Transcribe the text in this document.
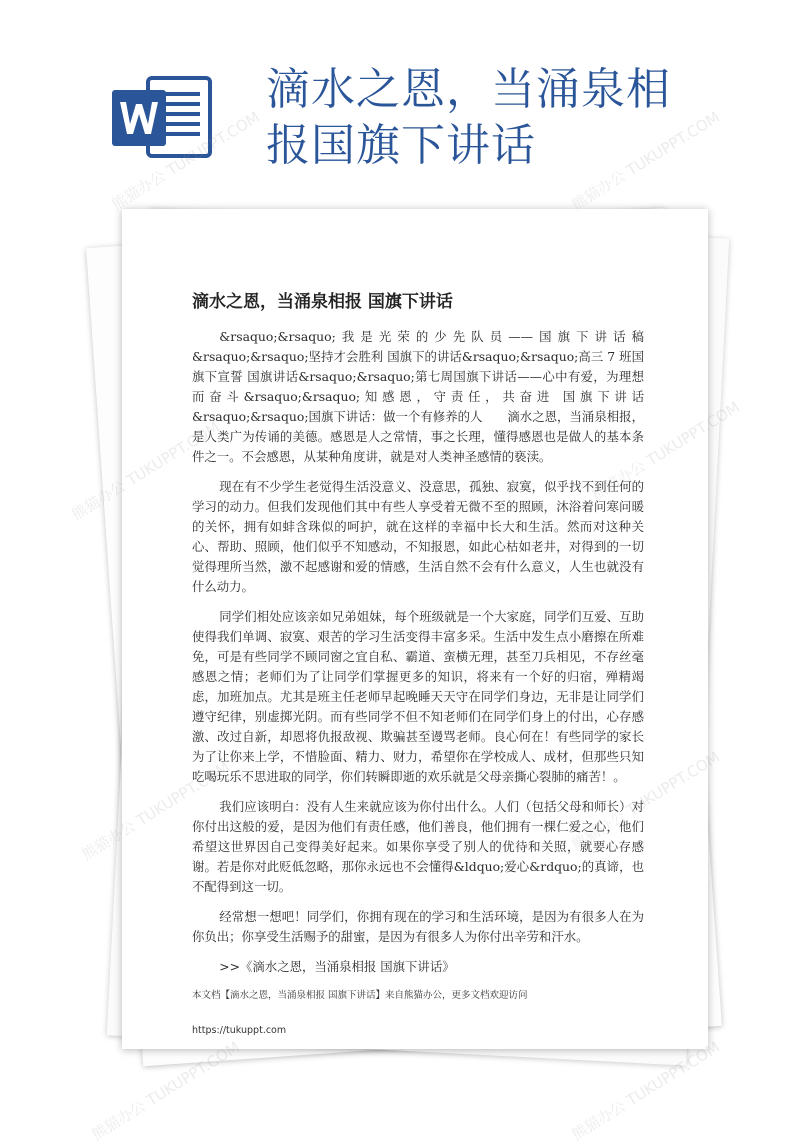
滴水之恩，当涌泉相报国旗下讲话
滴水之恩，当涌泉相报 国旗下讲话

&rsaquo;&rsaquo;我是光荣的少先队员——国旗下讲话稿&rsaquo;&rsaquo;坚持才会胜利 国旗下的讲话&rsaquo;&rsaquo;高三 7 班国旗下宣誓 国旗讲话&rsaquo;&rsaquo;第七周国旗下讲话——心中有爱，为理想而奋斗&rsaquo;&rsaquo;知感恩，守责任，共奋进 国旗下讲话&rsaquo;&rsaquo;国旗下讲话：做一个有修养的人　　滴水之恩，当涌泉相报，是人类广为传诵的美德。感恩是人之常情，事之长理，懂得感恩也是做人的基本条件之一。不会感恩，从某种角度讲，就是对人类神圣感情的亵渎。

现在有不少学生老觉得生活没意义、没意思，孤独、寂寞，似乎找不到任何的学习的动力。但我们发现他们其中有些人享受着无微不至的照顾，沐浴着问寒问暖的关怀，拥有如蚌含珠似的呵护，就在这样的幸福中长大和生活。然而对这种关心、帮助、照顾，他们似乎不知感动，不知报恩，如此心枯如老井，对得到的一切觉得理所当然，激不起感谢和爱的情感，生活自然不会有什么意义，人生也就没有什么动力。

同学们相处应该亲如兄弟姐妹，每个班级就是一个大家庭，同学们互爱、互助使得我们单调、寂寞、艰苦的学习生活变得丰富多采。生活中发生点小磨擦在所难免，可是有些同学不顾同窗之宜自私、霸道、蛮横无理，甚至刀兵相见，不存丝毫感恩之情；老师们为了让同学们掌握更多的知识，将来有一个好的归宿，殚精竭虑，加班加点。尤其是班主任老师早起晚睡天天守在同学们身边，无非是让同学们遵守纪律，别虚掷光阴。而有些同学不但不知老师们在同学们身上的付出，心存感激、改过自新，却恩将仇报敌视、欺骗甚至谩骂老师。良心何在！有些同学的家长为了让你来上学，不惜脸面、精力、财力，希望你在学校成人、成材，但那些只知吃喝玩乐不思进取的同学，你们转瞬即逝的欢乐就是父母亲撕心裂肺的痛苦！。

我们应该明白：没有人生来就应该为你付出什么。人们（包括父母和师长）对你付出这般的爱，是因为他们有责任感，他们善良，他们拥有一棵仁爱之心，他们希望这世界因自己变得美好起来。如果你享受了别人的优待和关照，就要心存感谢。若是你对此贬低忽略，那你永远也不会懂得&ldquo;爱心&rdquo;的真谛，也不配得到这一切。

经常想一想吧！同学们，你拥有现在的学习和生活环境，是因为有很多人在为你负出；你享受生活赐予的甜蜜，是因为有很多人为你付出辛劳和汗水。

>>《滴水之恩，当涌泉相报 国旗下讲话》
本文档【滴水之恩，当涌泉相报 国旗下讲话】来自熊猫办公，更多文档欢迎访问
https://tukuppt.com
熊猫办公 TUKUPPT.COM	熊猫办公 TUKUPPT.COM
熊猫办公
熊猫办公
熊猫办公 TUKUPPT.COM	熊猫办公 TUKUPPT.COM
